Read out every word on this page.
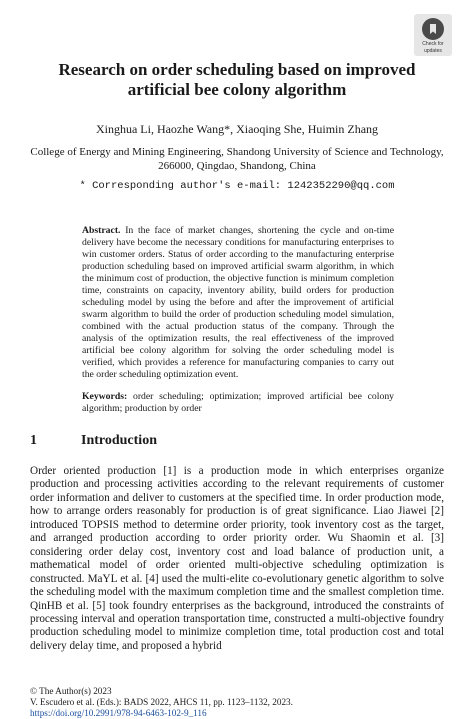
Check for
updates
Research on order scheduling based on improved
artificial bee colony algorithm
Xinghua Li, Haozhe Wang*, Xiaoqing She, Huimin Zhang
College of Energy and Mining Engineering, Shandong University of Science and Technology,
266000, Qingdao, Shandong, China
* Corresponding author's e-mail: 1242352290@qq.com
Abstract. In the face of market changes, shortening the cycle and on-time delivery have become the necessary conditions for manufacturing enterprises to win customer orders. Status of order according to the manufacturing enterprise production scheduling based on improved artificial swarm algorithm, in which the minimum cost of production, the objective function is minimum completion time, constraints on capacity, inventory ability, build orders for production scheduling model by using the before and after the improvement of artificial swarm algorithm to build the order of production scheduling model simulation, combined with the actual production status of the company. Through the analysis of the optimization results, the real effectiveness of the improved artificial bee colony algorithm for solving the order scheduling model is verified, which provides a reference for manufacturing companies to carry out the order scheduling optimization event.
Keywords: order scheduling; optimization; improved artificial bee colony algorithm; production by order
1	Introduction

Order oriented production [1] is a production mode in which enterprises organize production and processing activities according to the relevant requirements of customer order information and deliver to customers at the specified time. In order production mode, how to arrange orders reasonably for production is of great significance. Liao Jiawei [2] introduced TOPSIS method to determine order priority, took inventory cost as the target, and arranged production according to order priority order. Wu Shaomin et al. [3] considering order delay cost, inventory cost and load balance of production unit, a mathematical model of order oriented multi-objective scheduling optimization is constructed. MaYL et al. [4] used the multi-elite co-evolutionary genetic algorithm to solve the scheduling model with the maximum completion time and the smallest completion time. QinHB et al. [5] took foundry enterprises as the background, introduced the constraints of processing interval and operation transportation time, constructed a multi-objective foundry production scheduling model to minimize completion time, total production cost and total delivery delay time, and proposed a hybrid

© The Author(s) 2023
V. Escudero et al. (Eds.): BADS 2022, AHCS 11, pp. 1123–1132, 2023.
https://doi.org/10.2991/978-94-6463-102-9_116
